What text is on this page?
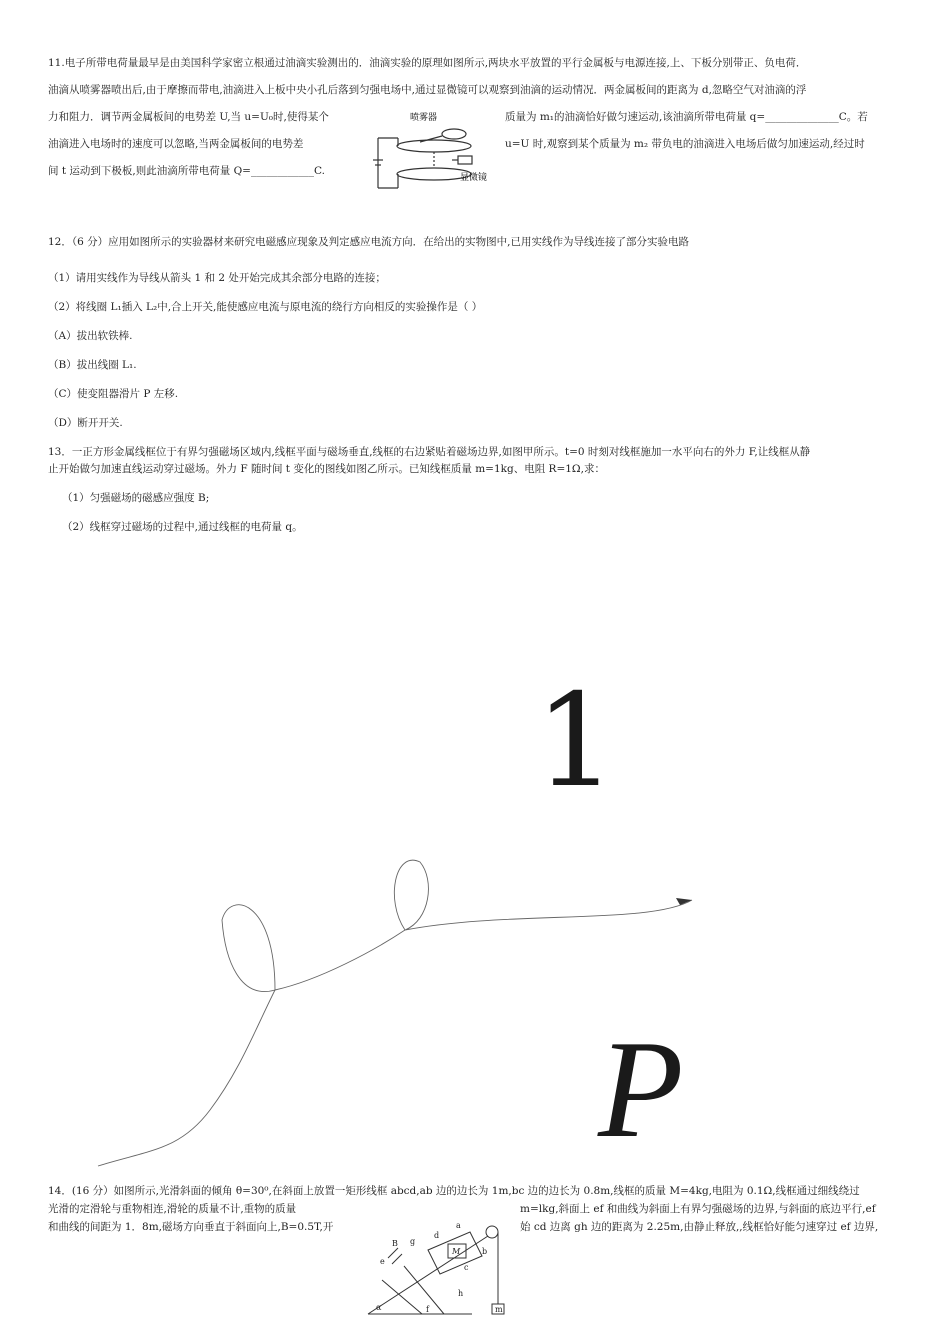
11.电子所带电荷量最早是由美国科学家密立根通过油滴实验测出的．油滴实验的原理如图所示,两块水平放置的平行金属板与电源连接,上、下板分别带正、负电荷．
油滴从喷雾器喷出后,由于摩擦而带电,油滴进入上板中央小孔后落到匀强电场中,通过显微镜可以观察到油滴的运动情况．两金属板间的距离为 d,忽略空气对油滴的浮
力和阻力．调节两金属板间的电势差 U,当 u=U₀时,使得某个	质量为 m₁的油滴恰好做匀速运动,该油滴所带电荷量 q=______________C。若
油滴进入电场时的速度可以忽略,当两金属板间的电势差	u=U 时,观察到某个质量为 m₂ 带负电的油滴进入电场后做匀加速运动,经过时
间 t 运动到下极板,则此油滴所带电荷量 Q=____________C.
喷雾器
显微镜
12．（6 分）应用如图所示的实验器材来研究电磁感应现象及判定感应电流方向．在给出的实物图中,已用实线作为导线连接了部分实验电路
（1）请用实线作为导线从箭头 1 和 2 处开始完成其余部分电路的连接；
（2）将线圈 L₁插入 L₂中,合上开关,能使感应电流与原电流的绕行方向相反的实验操作是（ ）
（A）拔出软铁棒.
（B）拔出线圈 L₁.
（C）使变阻器滑片 P 左移.
（D）断开开关.
13．一正方形金属线框位于有界匀强磁场区域内,线框平面与磁场垂直,线框的右边紧贴着磁场边界,如图甲所示。t=0 时刻对线框施加一水平向右的外力 F,让线框从静
止开始做匀加速直线运动穿过磁场。外力 F 随时间 t 变化的图线如图乙所示。已知线框质量 m=1kg、电阻 R=1Ω,求：
（1）匀强磁场的磁感应强度 B;
（2）线框穿过磁场的过程中,通过线框的电荷量 q。
1
P
14．(16 分）如图所示,光滑斜面的倾角 θ=30⁰,在斜面上放置一矩形线框 abcd,ab 边的边长为 1m,bc 边的边长为 0.8m,线框的质量 M=4kg,电阻为 0.1Ω,线框通过细线绕过
光滑的定滑轮与重物相连,滑轮的质量不计,重物的质量	m=lkg,斜面上 ef 和曲线为斜面上有界匀强磁场的边界,与斜面的底边平行,ef
和曲线的间距为 1．8m,磁场方向垂直于斜面向上,B=0.5T,开	始 cd 边离 gh 边的距离为 2.25m,由静止释放,,线框恰好能匀速穿过 ef 边界,
B g
d
a
e
M	b
c
h
f
α	m
